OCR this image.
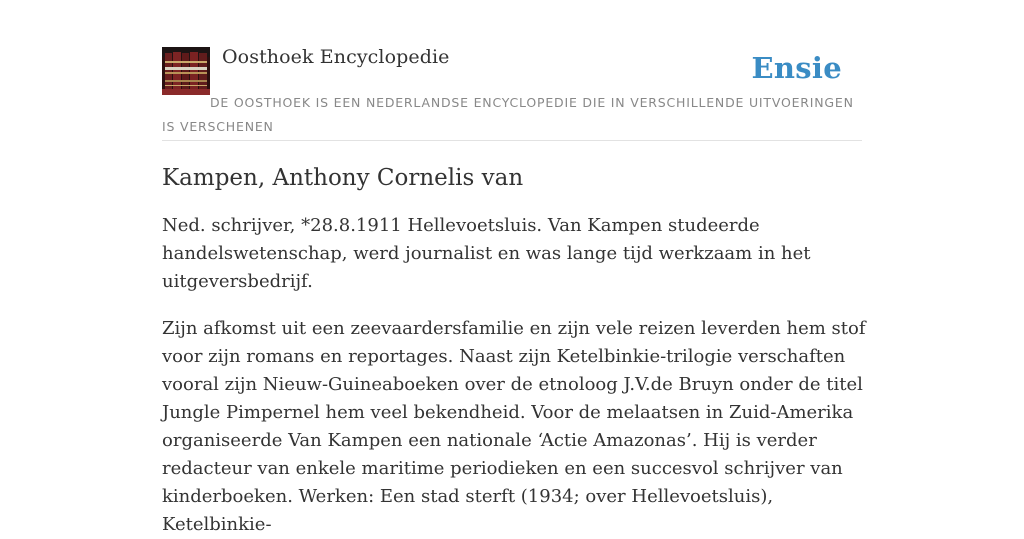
Oosthoek Encyclopedie	Ensie
DE OOSTHOEK IS EEN NEDERLANDSE ENCYCLOPEDIE DIE IN VERSCHILLENDE UITVOERINGEN IS VERSCHENEN
Kampen, Anthony Cornelis van

Ned. schrijver, *28.8.1911 Hellevoetsluis. Van Kampen studeerde handelswetenschap, werd journalist en was lange tijd werkzaam in het uitgeversbedrijf.

Zijn afkomst uit een zeevaardersfamilie en zijn vele reizen leverden hem stof voor zijn romans en reportages. Naast zijn Ketelbinkie-trilogie verschaften vooral zijn Nieuw-Guineaboeken over de etnoloog J.V.de Bruyn onder de titel Jungle Pimpernel hem veel bekendheid. Voor de melaatsen in Zuid-Amerika organiseerde Van Kampen een nationale ‘Actie Amazonas’. Hij is verder redacteur van enkele maritime periodieken en een succesvol schrijver van kinderboeken. Werken: Een stad sterft (1934; over Hellevoetsluis), Ketelbinkie-
